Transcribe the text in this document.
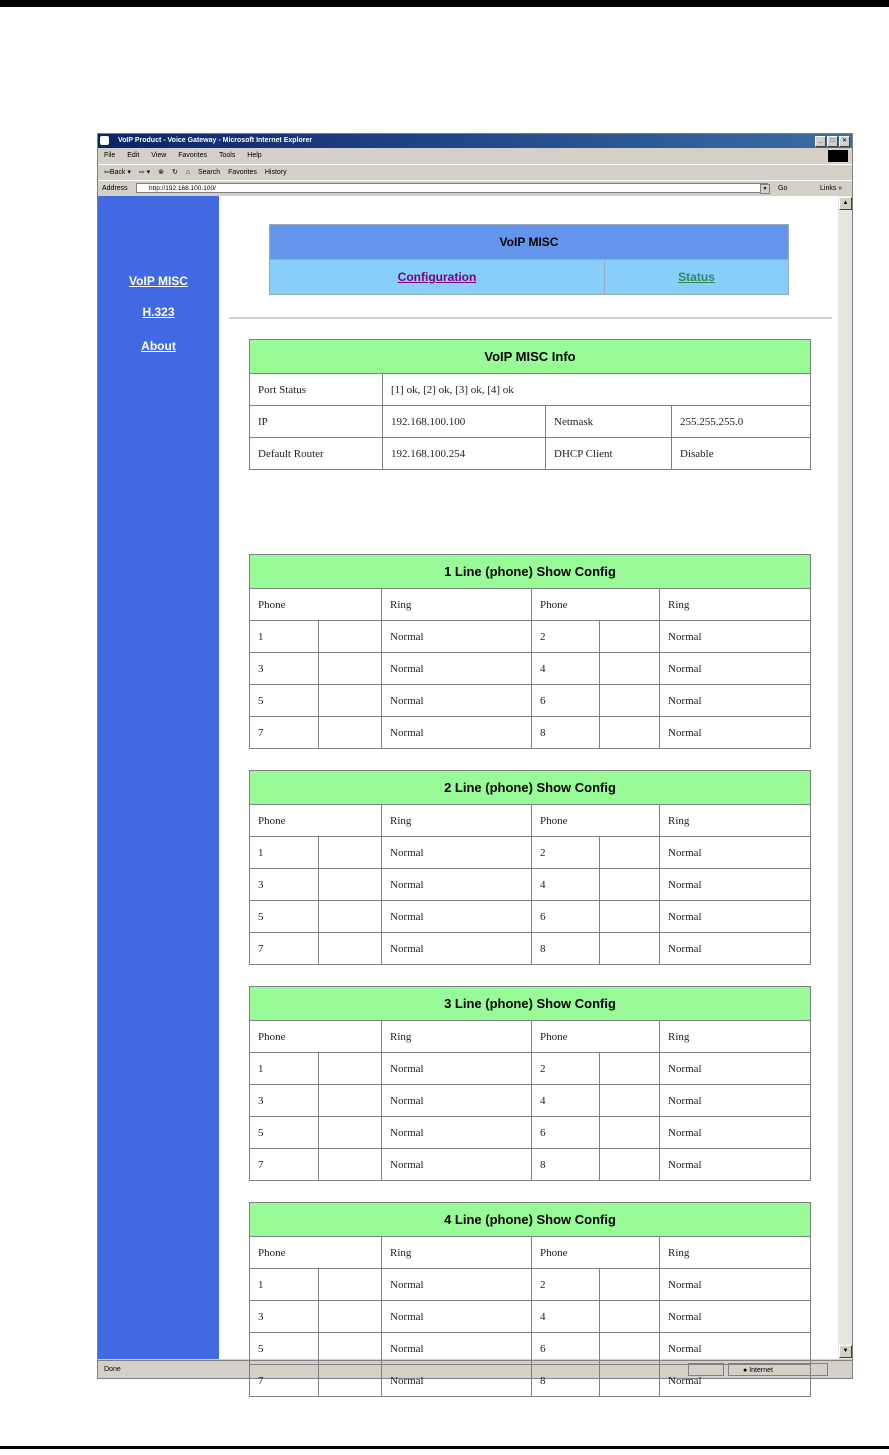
VoIP Product - Voice Gateway - Microsoft Internet Explorer	_	□	×
File Edit View Favorites Tools Help
⇦Back ▾ ⇨ ▾ ⊗ ↻ ⌂ Search Favorites History
Address	http://192.168.100.100/	▼	Go	Links »
VoIP MISC
H.323
About
VoIP MISC
Configuration	Status
VoIP MISC Info			
Port Status	[1] ok, [2] ok, [3] ok, [4] ok		
IP	192.168.100.100	Netmask	255.255.255.0
Default Router	192.168.100.254	DHCP Client	Disable
1 Line (phone) Show Config					
Phone		Ring	Phone		Ring
1		Normal	2		Normal
3		Normal	4		Normal
5		Normal	6		Normal
7		Normal	8		Normal
2 Line (phone) Show Config					
Phone		Ring	Phone		Ring
1		Normal	2		Normal
3		Normal	4		Normal
5		Normal	6		Normal
7		Normal	8		Normal
3 Line (phone) Show Config					
Phone		Ring	Phone		Ring
1		Normal	2		Normal
3		Normal	4		Normal
5		Normal	6		Normal
7		Normal	8		Normal
4 Line (phone) Show Config					
Phone		Ring	Phone		Ring
1		Normal	2		Normal
3		Normal	4		Normal
5		Normal	6		Normal
7		Normal	8		Normal
▲
▼
Done	● Internet
